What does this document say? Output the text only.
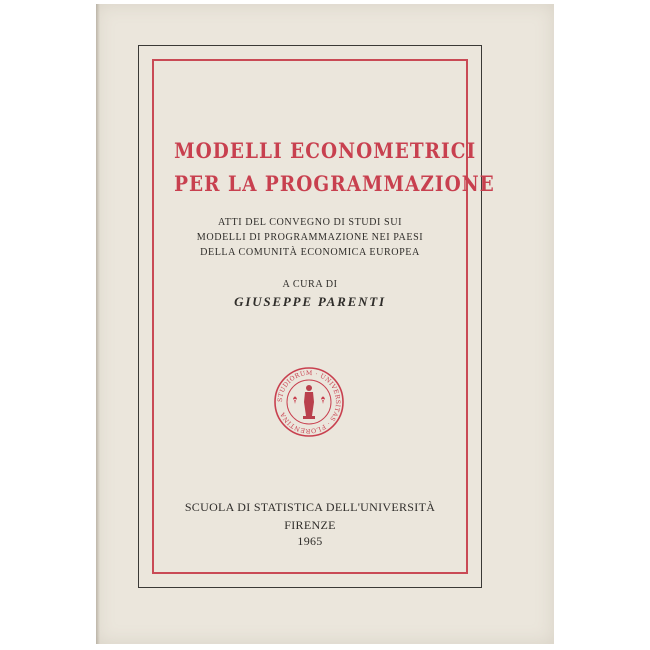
MODELLI ECONOMETRICI
PER LA PROGRAMMAZIONE
ATTI DEL CONVEGNO DI STUDI SUI
MODELLI DI PROGRAMMAZIONE NEI PAESI
DELLA COMUNITÀ ECONOMICA EUROPEA
A CURA DI
GIUSEPPE PARENTI
STUDIORUM · UNIVERSITAS · FLORENTINA
SCUOLA DI STATISTICA DELL'UNIVERSITÀ
FIRENZE
1965
